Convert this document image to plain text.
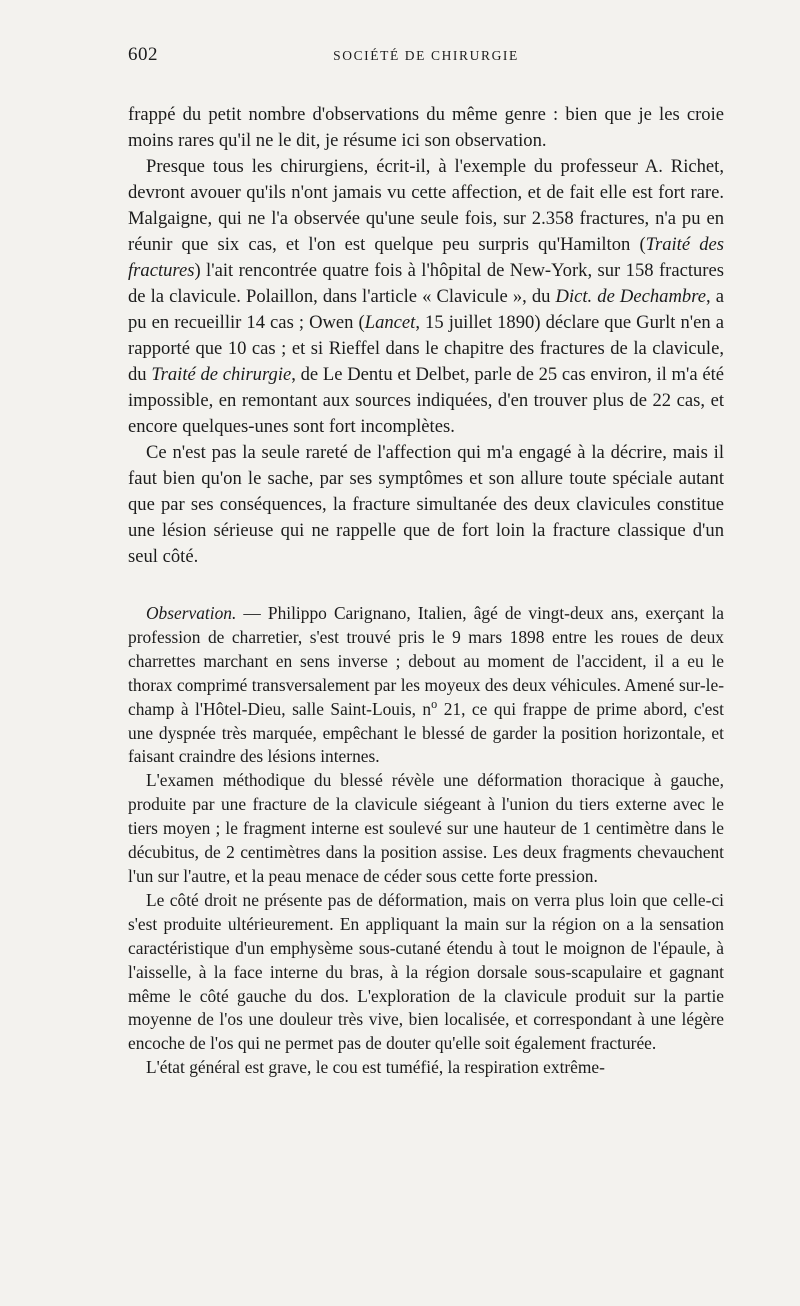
602	SOCIÉTÉ DE CHIRURGIE

frappé du petit nombre d'observations du même genre : bien que je les croie moins rares qu'il ne le dit, je résume ici son observation.

Presque tous les chirurgiens, écrit-il, à l'exemple du professeur A. Richet, devront avouer qu'ils n'ont jamais vu cette affection, et de fait elle est fort rare. Malgaigne, qui ne l'a observée qu'une seule fois, sur 2.358 fractures, n'a pu en réunir que six cas, et l'on est quelque peu surpris qu'Hamilton (Traité des fractures) l'ait rencontrée quatre fois à l'hôpital de New-York, sur 158 fractures de la clavicule. Polaillon, dans l'article « Clavicule », du Dict. de Dechambre, a pu en recueillir 14 cas ; Owen (Lancet, 15 juillet 1890) déclare que Gurlt n'en a rapporté que 10 cas ; et si Rieffel dans le chapitre des fractures de la clavicule, du Traité de chirurgie, de Le Dentu et Delbet, parle de 25 cas environ, il m'a été impossible, en remontant aux sources indiquées, d'en trouver plus de 22 cas, et encore quelques-unes sont fort incomplètes.

Ce n'est pas la seule rareté de l'affection qui m'a engagé à la décrire, mais il faut bien qu'on le sache, par ses symptômes et son allure toute spéciale autant que par ses conséquences, la fracture simultanée des deux clavicules constitue une lésion sérieuse qui ne rappelle que de fort loin la fracture classique d'un seul côté.

Observation. — Philippo Carignano, Italien, âgé de vingt-deux ans, exerçant la profession de charretier, s'est trouvé pris le 9 mars 1898 entre les roues de deux charrettes marchant en sens inverse ; debout au moment de l'accident, il a eu le thorax comprimé transversalement par les moyeux des deux véhicules. Amené sur-le-champ à l'Hôtel-Dieu, salle Saint-Louis, $n^o$ 21, ce qui frappe de prime abord, c'est une dyspnée très marquée, empêchant le blessé de garder la position horizontale, et faisant craindre des lésions internes.

L'examen méthodique du blessé révèle une déformation thoracique à gauche, produite par une fracture de la clavicule siégeant à l'union du tiers externe avec le tiers moyen ; le fragment interne est soulevé sur une hauteur de 1 centimètre dans le décubitus, de 2 centimètres dans la position assise. Les deux fragments chevauchent l'un sur l'autre, et la peau menace de céder sous cette forte pression.

Le côté droit ne présente pas de déformation, mais on verra plus loin que celle-ci s'est produite ultérieurement. En appliquant la main sur la région on a la sensation caractéristique d'un emphysème sous-cutané étendu à tout le moignon de l'épaule, à l'aisselle, à la face interne du bras, à la région dorsale sous-scapulaire et gagnant même le côté gauche du dos. L'exploration de la clavicule produit sur la partie moyenne de l'os une douleur très vive, bien localisée, et correspondant à une légère encoche de l'os qui ne permet pas de douter qu'elle soit également fracturée.

L'état général est grave, le cou est tuméfié, la respiration extrême-
